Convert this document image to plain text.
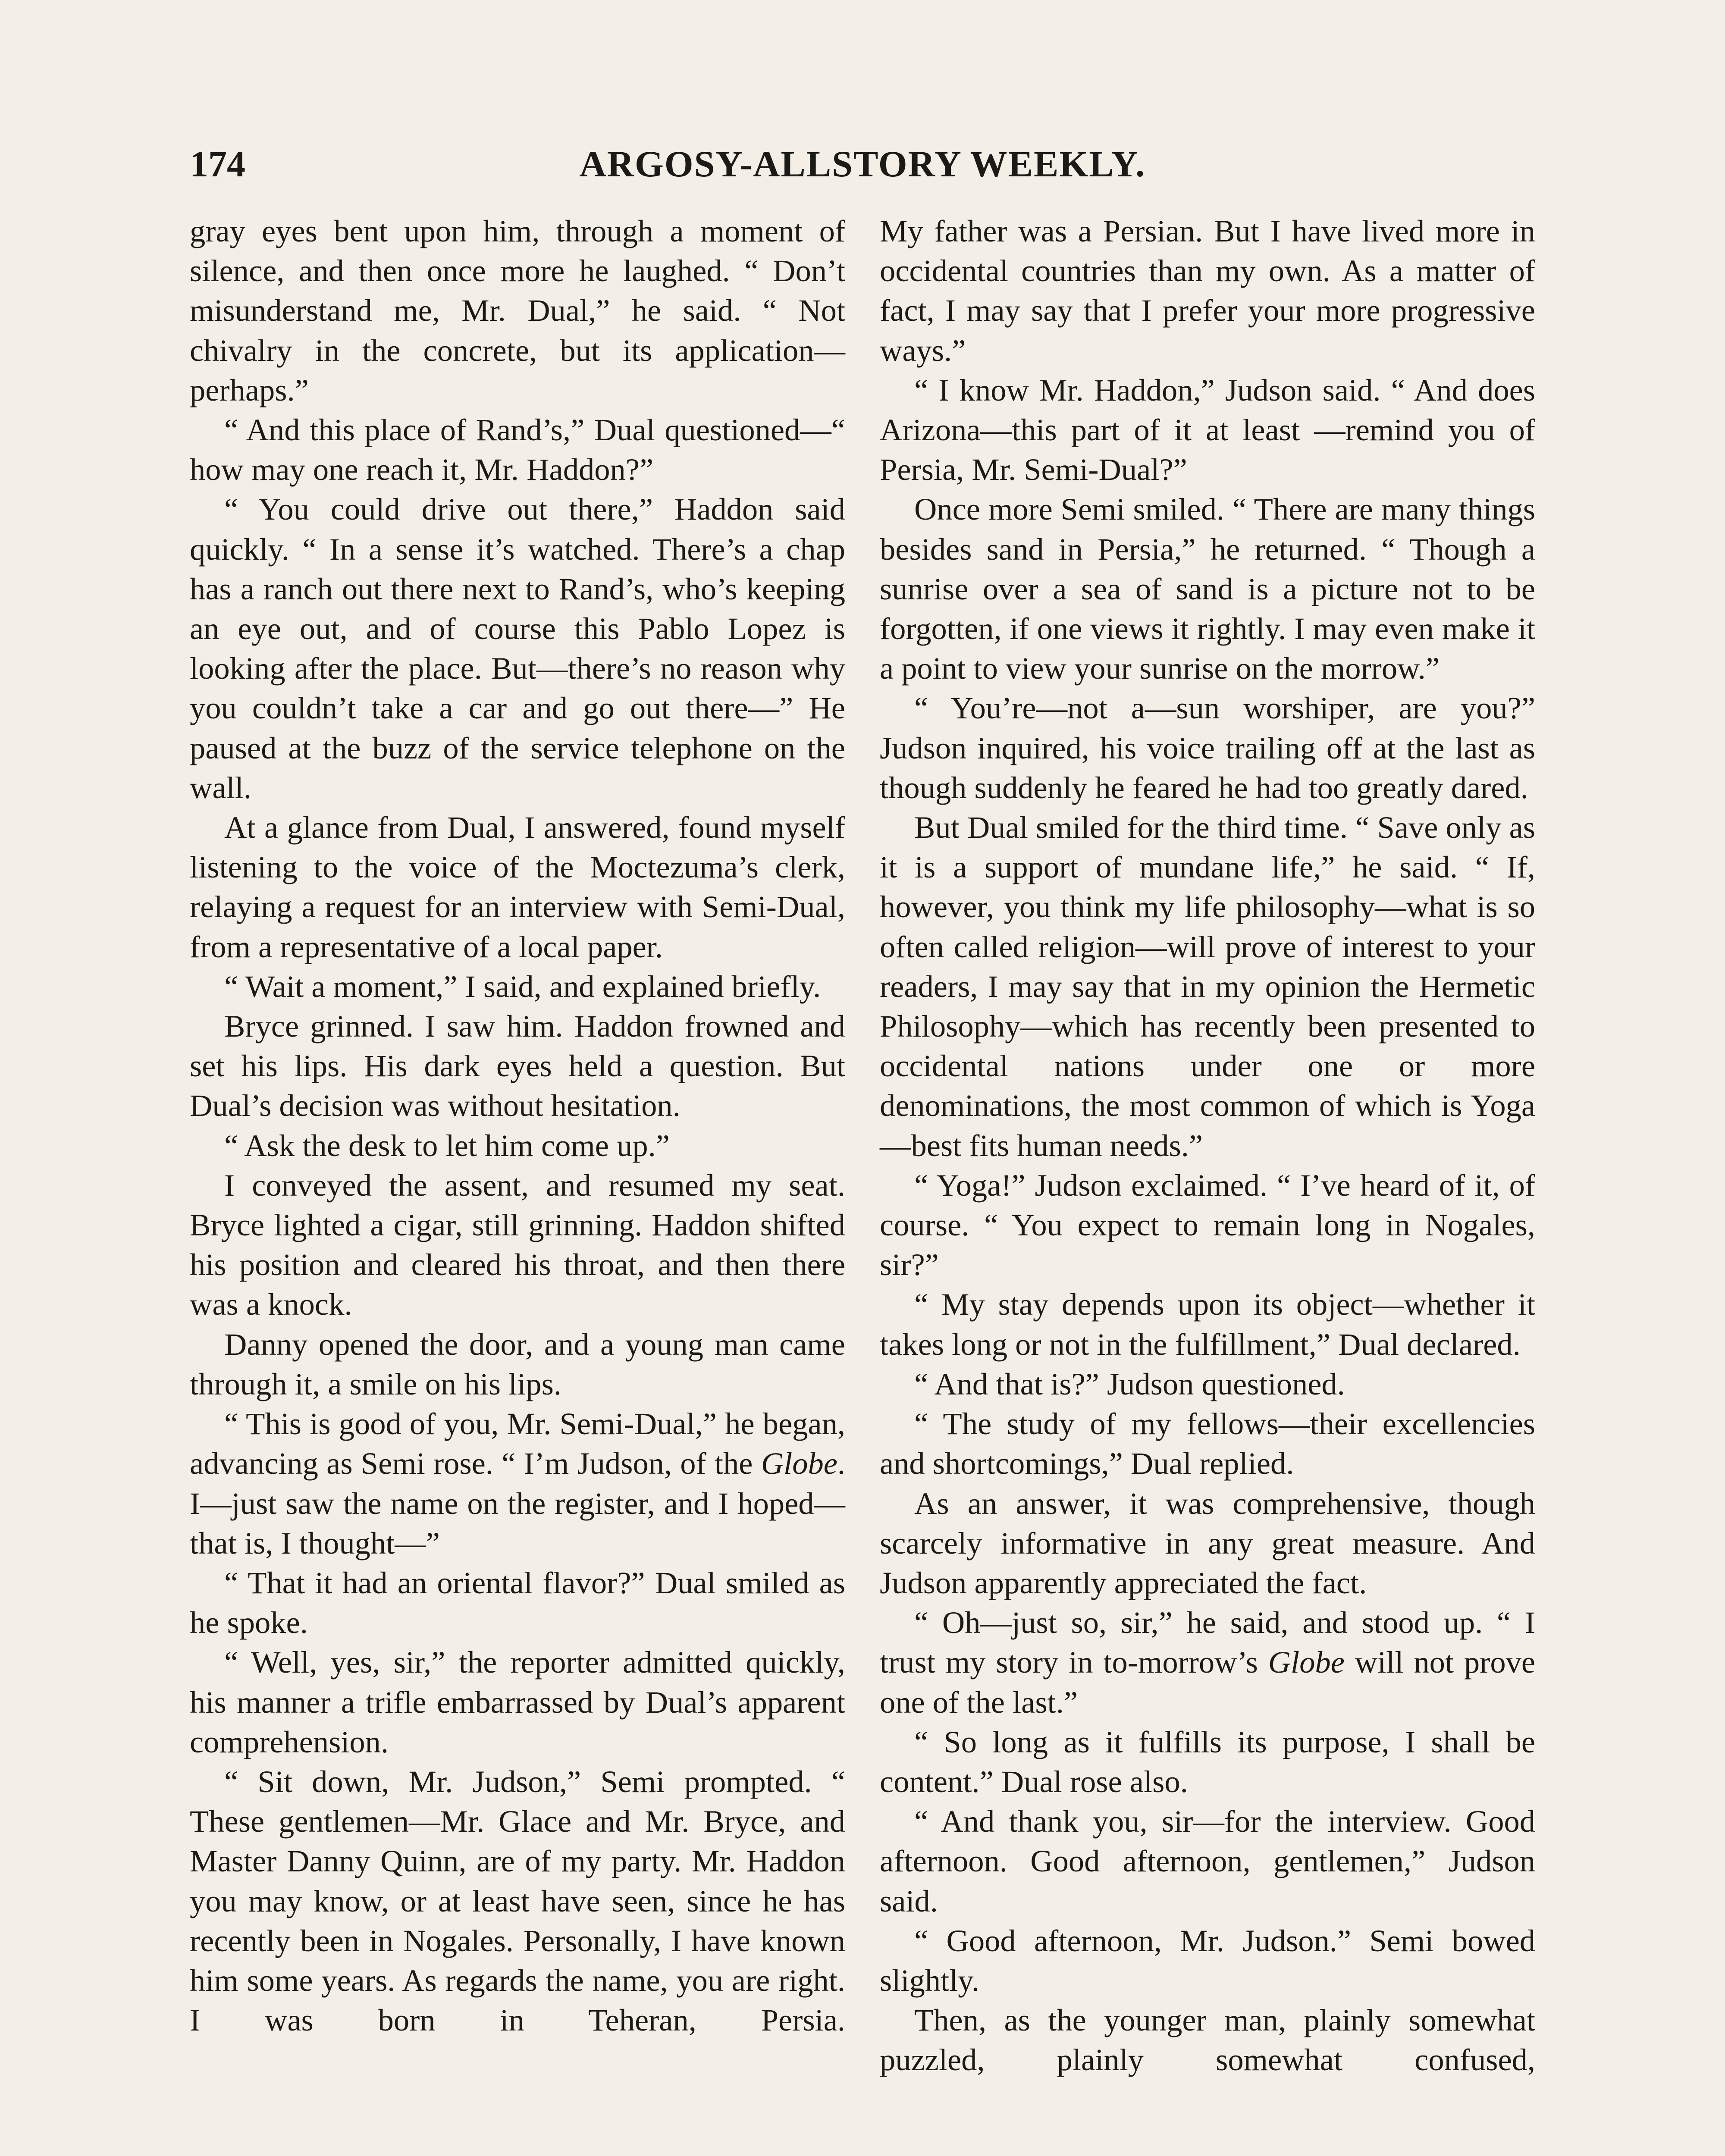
174	ARGOSY-ALLSTORY WEEKLY.

gray eyes bent upon him, through a moment of silence, and then once more he laughed. “ Don’t misunderstand me, Mr. Dual,” he said. “ Not chivalry in the concrete, but its application—perhaps.”

“ And this place of Rand’s,” Dual questioned—“ how may one reach it, Mr. Haddon?”

“ You could drive out there,” Haddon said quickly. “ In a sense it’s watched. There’s a chap has a ranch out there next to Rand’s, who’s keeping an eye out, and of course this Pablo Lopez is looking after the place. But—there’s no reason why you couldn’t take a car and go out there—” He paused at the buzz of the service telephone on the wall.

At a glance from Dual, I answered, found myself listening to the voice of the Moctezuma’s clerk, relaying a request for an interview with Semi-Dual, from a representative of a local paper.

“ Wait a moment,” I said, and explained briefly.

Bryce grinned. I saw him. Haddon frowned and set his lips. His dark eyes held a question. But Dual’s decision was without hesitation.

“ Ask the desk to let him come up.”

I conveyed the assent, and resumed my seat. Bryce lighted a cigar, still grinning. Haddon shifted his position and cleared his throat, and then there was a knock.

Danny opened the door, and a young man came through it, a smile on his lips.

“ This is good of you, Mr. Semi-Dual,” he began, advancing as Semi rose. “ I’m Judson, of the Globe. I—just saw the name on the register, and I hoped—that is, I thought—”

“ That it had an oriental flavor?” Dual smiled as he spoke.

“ Well, yes, sir,” the reporter admitted quickly, his manner a trifle embarrassed by Dual’s apparent comprehension.

“ Sit down, Mr. Judson,” Semi prompted. “ These gentlemen—Mr. Glace and Mr. Bryce, and Master Danny Quinn, are of my party. Mr. Haddon you may know, or at least have seen, since he has recently been in Nogales. Personally, I have known him some years. As regards the name, you are right. I was born in Teheran, Persia.

My father was a Persian. But I have lived more in occidental countries than my own. As a matter of fact, I may say that I prefer your more progressive ways.”

“ I know Mr. Haddon,” Judson said. “ And does Arizona—this part of it at least —remind you of Persia, Mr. Semi-Dual?”

Once more Semi smiled. “ There are many things besides sand in Persia,” he returned. “ Though a sunrise over a sea of sand is a picture not to be forgotten, if one views it rightly. I may even make it a point to view your sunrise on the morrow.”

“ You’re—not a—sun worshiper, are you?” Judson inquired, his voice trailing off at the last as though suddenly he feared he had too greatly dared.

But Dual smiled for the third time. “ Save only as it is a support of mundane life,” he said. “ If, however, you think my life philosophy—what is so often called religion—will prove of interest to your readers, I may say that in my opinion the Hermetic Philosophy—which has recently been presented to occidental nations under one or more denominations, the most common of which is Yoga—best fits human needs.”

“ Yoga!” Judson exclaimed. “ I’ve heard of it, of course. “ You expect to remain long in Nogales, sir?”

“ My stay depends upon its object—whether it takes long or not in the fulfillment,” Dual declared.

“ And that is?” Judson questioned.

“ The study of my fellows—their excellencies and shortcomings,” Dual replied.

As an answer, it was comprehensive, though scarcely informative in any great measure. And Judson apparently appreciated the fact.

“ Oh—just so, sir,” he said, and stood up. “ I trust my story in to-morrow’s Globe will not prove one of the last.”

“ So long as it fulfills its purpose, I shall be content.” Dual rose also.

“ And thank you, sir—for the interview. Good afternoon. Good afternoon, gentlemen,” Judson said.

“ Good afternoon, Mr. Judson.” Semi bowed slightly.

Then, as the younger man, plainly somewhat puzzled, plainly somewhat confused,
